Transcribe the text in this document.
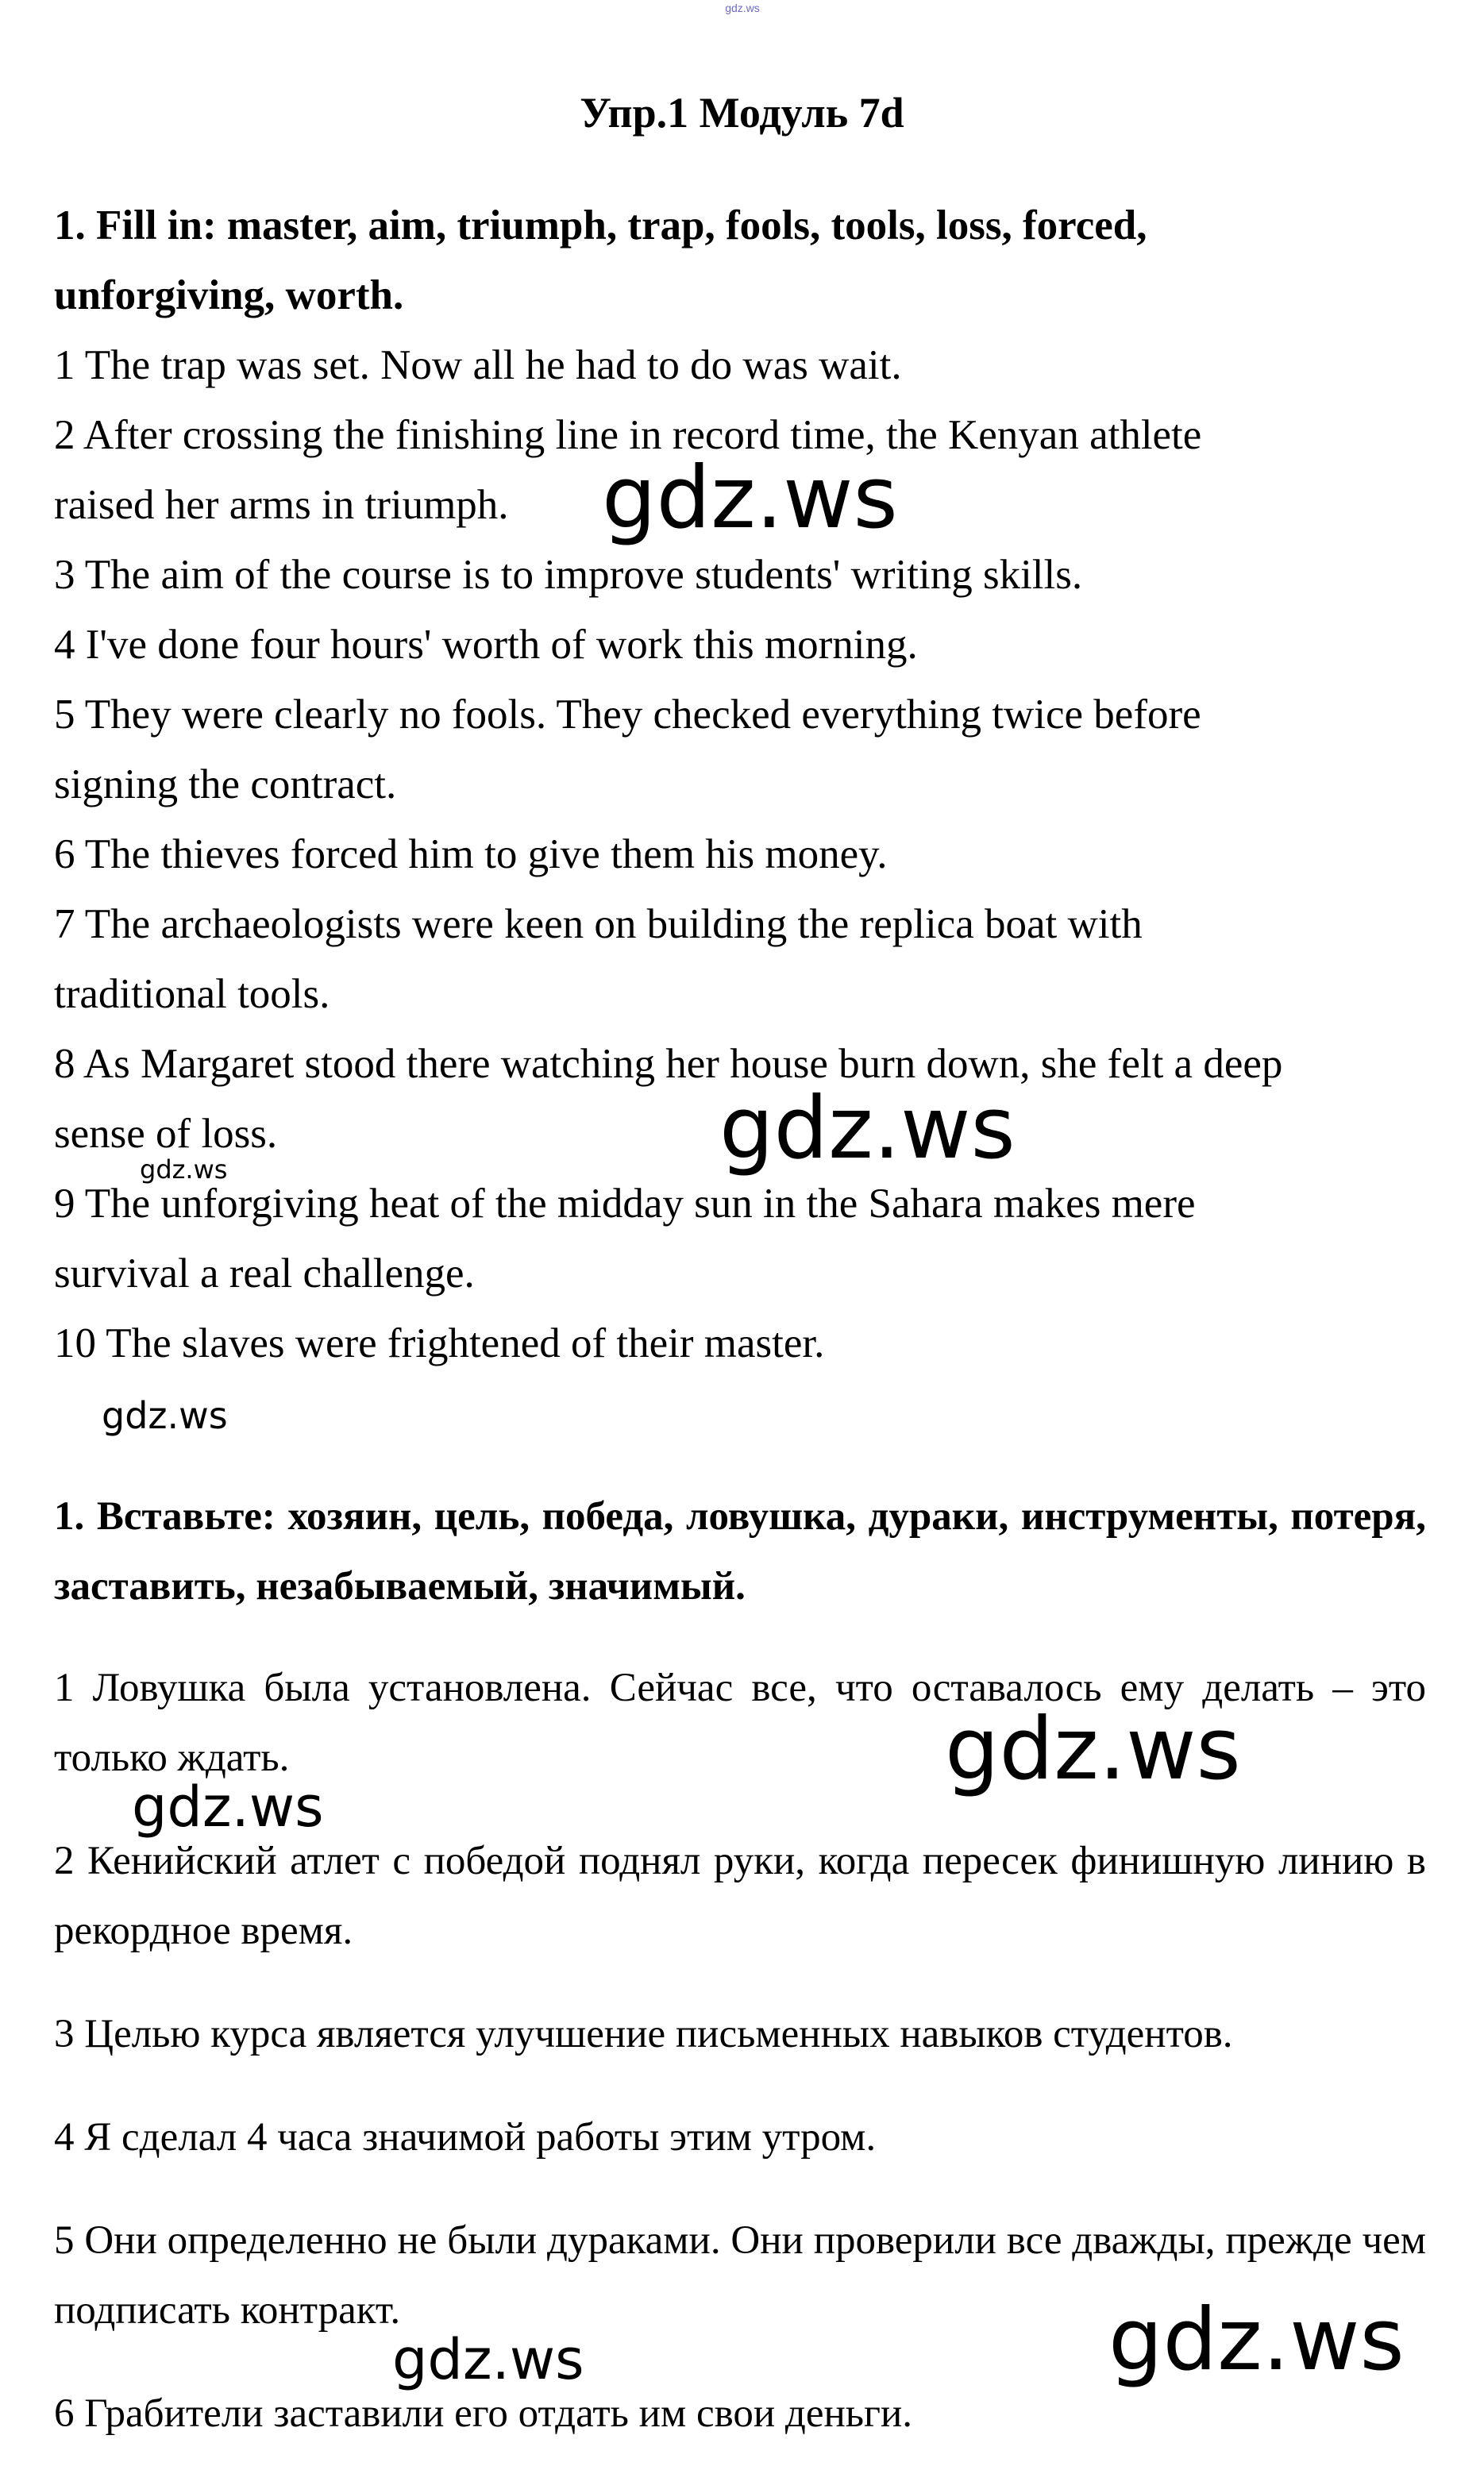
gdz.ws
Упр.1 Модуль 7d
1. Fill in: master, aim, triumph, trap, fools, tools, loss, forced,
unforgiving, worth.
1 The trap was set. Now all he had to do was wait.
2 After crossing the finishing line in record time, the Kenyan athlete
raised her arms in triumph.
3 The aim of the course is to improve students' writing skills.
4 I've done four hours' worth of work this morning.
5 They were clearly no fools. They checked everything twice before
signing the contract.
6 The thieves forced him to give them his money.
7 The archaeologists were keen on building the replica boat with
traditional tools.
8 As Margaret stood there watching her house burn down, she felt a deep
sense of loss.
9 The unforgiving heat of the midday sun in the Sahara makes mere
survival a real challenge.
10 The slaves were frightened of their master.
1. Вставьте: хозяин, цель, победа, ловушка, дураки, инструменты, потеря, заставить, незабываемый, значимый.
1 Ловушка была установлена. Сейчас все, что оставалось ему делать – это только ждать.
2 Кенийский атлет с победой поднял руки, когда пересек финишную линию в рекордное время.
3 Целью курса является улучшение письменных навыков студентов.
4 Я сделал 4 часа значимой работы этим утром.
5 Они определенно не были дураками. Они проверили все дважды, прежде чем подписать контракт.
6 Грабители заставили его отдать им свои деньги.
gdz.ws
gdz.ws
gdz.ws
gdz.ws
gdz.ws
gdz.ws
gdz.ws	gdz.ws
